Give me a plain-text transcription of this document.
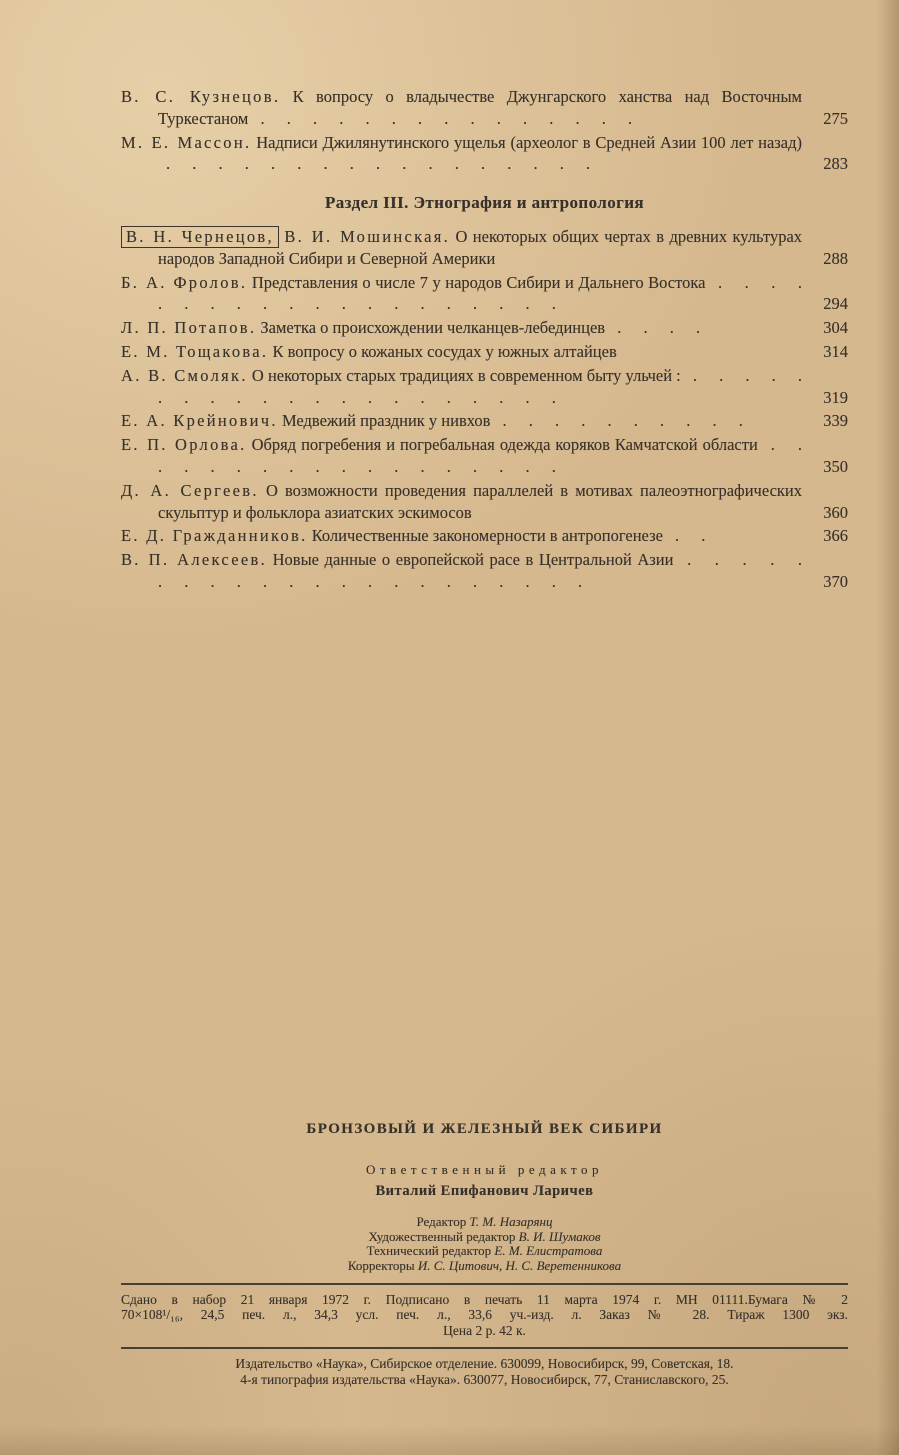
В. С. Кузнецов. К вопросу о владычестве Джунгарского ханства над Восточным Туркестаном . . . . . . . . . . . . . . .	275

М. Е. Массон. Надписи Джилянутинского ущелья (археолог в Средней Азии 100 лет назад) . . . . . . . . . . . . . . . . .	283

Раздел III. Этнография и антропология

В. Н. Чернецов, В. И. Мошинская. О некоторых общих чертах в древних культурах народов Западной Сибири и Северной Америки	288

Б. А. Фролов. Представления о числе 7 у народов Сибири и Дальнего Востока . . . . . . . . . . . . . . . . . . . .	294

Л. П. Потапов. Заметка о происхождении челканцев-лебединцев . . . .	304

Е. М. Тощакова. К вопросу о кожаных сосудах у южных алтайцев	314

А. В. Смоляк. О некоторых старых традициях в современном быту ульчей : . . . . . . . . . . . . . . . . . . . . .	319

Е. А. Крейнович. Медвежий праздник у нивхов . . . . . . . . . .	339

Е. П. Орлова. Обряд погребения и погребальная одежда коряков Камчатской области . . . . . . . . . . . . . . . . . .	350

Д. А. Сергеев. О возможности проведения параллелей в мотивах палеоэтнографических скульптур и фольклора азиатских эскимосов	360

Е. Д. Гражданников. Количественные закономерности в антропогенезе . .	366

В. П. Алексеев. Новые данные о европейской расе в Центральной Азии . . . . . . . . . . . . . . . . . . . . . .	370

БРОНЗОВЫЙ И ЖЕЛЕЗНЫЙ ВЕК СИБИРИ
Ответственный редактор
Виталий Епифанович Ларичев
Редактор Т. М. Назарянц
Художественный редактор В. И. Шумаков
Технический редактор Е. М. Елистратова
Корректоры И. С. Цитович, Н. С. Веретенникова
Сдано в набор 21 января 1972 г. Подписано в печать 11 марта 1974 г. МН 01111.Бумага № 2
70×108¹/₁₆, 24,5 печ. л., 34,3 усл. печ. л., 33,6 уч.-изд. л. Заказ № 28. Тираж 1300 экз.
Цена 2 р. 42 к.
Издательство «Наука», Сибирское отделение. 630099, Новосибирск, 99, Советская, 18.
4-я типография издательства «Наука». 630077, Новосибирск, 77, Станиславского, 25.
